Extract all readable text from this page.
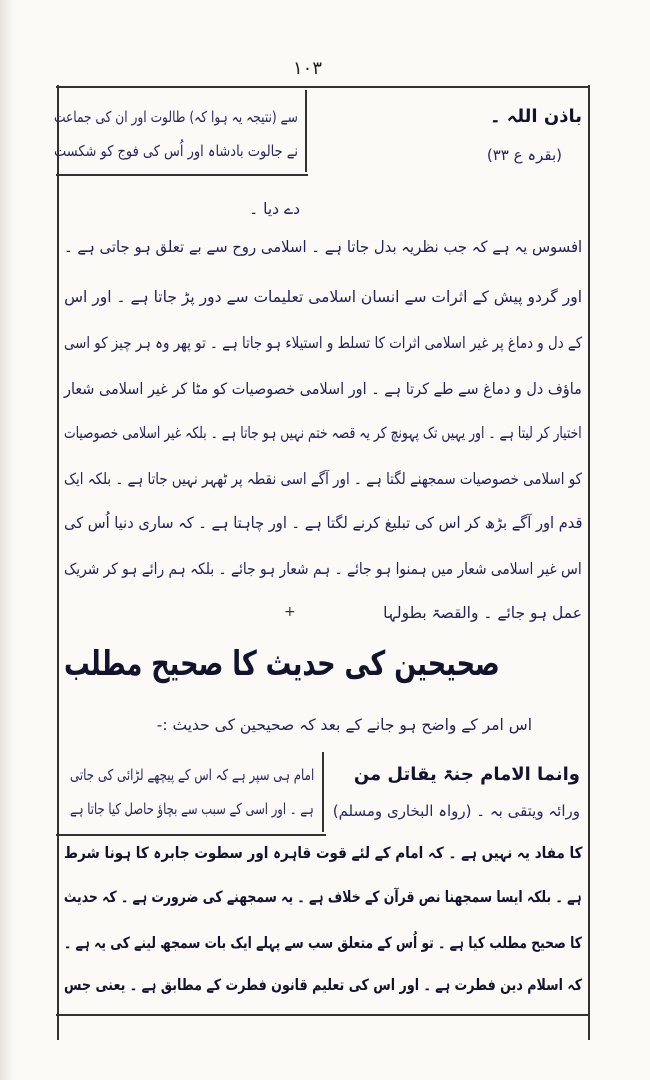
۱۰۳
سے (نتیجہ یہ ہوا کہ) طالوت اور ان کی جماعت
نے جالوت بادشاہ اور اُس کی فوج کو شکست
باذن اللہ ۔
(بقرہ ع ۳۳)
دے دیا ۔
افسوس یہ ہے کہ جب نظریہ بدل جاتا ہے ۔ اسلامی روح سے بے تعلق ہو جاتی ہے ۔
اور گردو پیش کے اثرات سے انسان اسلامی تعلیمات سے دور پڑ جاتا ہے ۔ اور اس
کے دل و دماغ پر غیر اسلامی اثرات کا تسلط و استیلاء ہو جاتا ہے ۔ تو پھر وہ ہر چیز کو اسی
ماؤف دل و دماغ سے طے کرتا ہے ۔ اور اسلامی خصوصیات کو مٹا کر غیر اسلامی شعار
اختیار کر لیتا ہے ۔ اور یہیں تک پہونچ کر یہ قصہ ختم نہیں ہو جاتا ہے ۔ بلکہ غیر اسلامی خصوصیات
کو اسلامی خصوصیات سمجھنے لگتا ہے ۔ اور آگے اسی نقطہ پر ٹھہر نہیں جاتا ہے ۔ بلکہ ایک
قدم اور آگے بڑھ کر اس کی تبلیغ کرنے لگتا ہے ۔ اور چاہتا ہے ۔ کہ ساری دنیا اُس کی
اس غیر اسلامی شعار میں ہمنوا ہو جائے ۔ ہم شعار ہو جائے ۔ بلکہ ہم رائے ہو کر شریک
عمل ہو جائے ۔ والقصۃ بطولہا
+
صحیحین کی حدیث کا صحیح مطلب
اس امر کے واضح ہو جانے کے بعد کہ صحیحین کی حدیث :-
وانما الامام جنۃ یقاتل من
ورائہ ویتقی بہ ۔ (رواہ البخاری ومسلم)
امام ہی سپر ہے کہ اس کے پیچھے لڑائی کی جاتی
ہے ۔ اور اسی کے سبب سے بچاؤ حاصل کیا جاتا ہے
کا مفاد یہ نہیں ہے ۔ کہ امام کے لئے قوت قاہرہ اور سطوت جابرہ کا ہونا شرط
ہے ۔ بلکہ ایسا سمجھنا نص قرآن کے خلاف ہے ۔ یہ سمجھنے کی ضرورت ہے ۔ کہ حدیث
کا صحیح مطلب کیا ہے ۔ تو اُس کے متعلق سب سے پہلے ایک بات سمجھ لینے کی یہ ہے ۔
کہ اسلام دین فطرت ہے ۔ اور اس کی تعلیم قانون فطرت کے مطابق ہے ۔ یعنی جس
